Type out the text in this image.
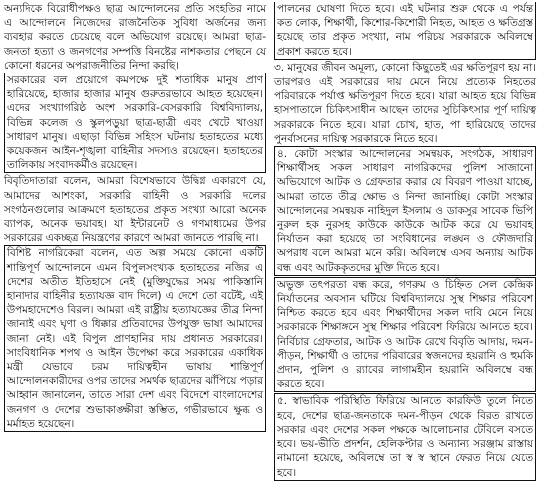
অন্যদিকে বিরোধীপক্ষও ছাত্র আন্দোলনের প্রতি সংহতির নামে এ আন্দোলনে নিজেদের রাজনৈতিক সুবিধা অর্জনের জন্য ব্যবহার করতে চেয়েছে বলে অভিযোগ রয়েছে। আমরা ছাত্র-জনতা হত্যা ও জনগণের সম্পত্তি বিনষ্টের নাশকতার পেছনে যে কোনো ধরনের অপরাজনীতির নিন্দা করছি।

সরকারের বল প্রয়োগে কমপক্ষে দুই শতাধিক মানুষ প্রাণ হারিয়েছে, হাজার হাজার মানুষ গুরুতরভাবে আহত হয়েছেন। এদের সংখ্যাগরিষ্ঠ অংশ সরকারি-বেসরকারি বিশ্ববিদ্যালয়, বিভিন্ন কলেজ ও স্কুলপড়ুয়া ছাত্র-ছাত্রী এবং খেটে খাওয়া সাধারণ মানুষ। এছাড়া বিভিন্ন সহিংস ঘটনায় হতাহতের মধ্যে কয়েকজন আইন-শৃঙ্খলা বাহিনীর সদস্যও রয়েছেন। হতাহতের তালিকায় সংবাদকর্মীও রয়েছেন।

বিবৃতিদাতারা বলেন, আমরা বিশেষভাবে উদ্বিগ্ন একারণে যে, আমাদের আশংকা, সরকারি বাহিনী ও সরকারি দলের সংগঠনগুলোর আক্রমণে হতাহতের প্রকৃত সংখ্যা আরো অনেক ব্যাপক, অনেক ভয়াবহ। যা ইন্টারনেট ও গণমাধ্যমের উপর সরকারের একচ্ছত্র নিয়ন্ত্রণের কারণে আমরা জানতে পারছি না।

বিশিষ্ট নাগরিকেরা বলেন, এত অল্প সময়ে কোনো একটি শান্তিপূর্ণ আন্দোলনে এমন বিপুলসংখ্যক হতাহতের নজির এ দেশের অতীত ইতিহাসে নেই (মুক্তিযুদ্ধের সময় পাকিস্তানি হানাদার বাহিনীর হত্যাযজ্ঞ বাদ দিলে) এ দেশে তো বটেই, এই উপমহাদেশেও বিরল। আমরা এই রাষ্ট্রীয় হত্যাযজ্ঞের তীব্র নিন্দা জানাই এবং ঘৃণা ও ধিক্কার প্রতিবাদের উপযুক্ত ভাষা আমাদের জানা নেই। এই বিপুল প্রাণহানির দায় প্রধানত সরকারের। সাংবিধানিক শপথ ও আইন উপেক্ষা করে সরকারের একাধিক মন্ত্রী যেভাবে চরম দায়িত্বহীন ভাষায় শান্তিপূর্ণ আন্দোলনকারীদের ওপর তাদের সমর্থক ছাত্রদের ঝাঁপিয়ে পড়ার আহ্বান জানালেন, তাতে সারা দেশ এবং বিদেশে বাংলাদেশের জনগণ ও দেশের শুভাকাঙ্ক্ষীরা স্তম্ভিত, গভীরভাবে ক্ষুব্ধ ও মর্মাহত হয়েছেন।

পালনের ঘোষণা দিতে হবে। এই ঘটনার শুরু থেকে এ পর্যন্ত কত লোক, শিক্ষার্থী, কিশোর-কিশোরী নিহত, আহত ও ক্ষতিগ্রস্ত হয়েছে তার প্রকৃত সংখ্যা, নাম পরিচয় সরকারকে অবিলম্বে প্রকাশ করতে হবে।

৩. মানুষের জীবন অমূল্য, কোনো কিছুতেই এর ক্ষতিপূরণ হয় না। তারপরও এই সরকারের দায় মেনে নিয়ে প্রত্যেক নিহতের পরিবারকে পর্যাপ্ত ক্ষতিপূরণ দিতে হবে। যারা আহত হয়ে বিভিন্ন হাসপাতালে চিকিৎসাধীন আছেন তাদের সুচিকিৎসার পূর্ণ দায়িত্ব সরকারকে নিতে হবে। যারা চোখ, হাত, পা হারিয়েছে তাদের পুনর্বাসনের দায়িত্ব সরকারকে নিতে হবে।

৪. কোটা সংস্কার আন্দোলনের সমন্বয়ক, সংগঠক, সাধারণ শিক্ষার্থীসহ সকল সাধারণ নাগরিকদের পুলিশ সাজানো অভিযোগে আটক ও গ্রেফতার করার যে বিবরণ পাওয়া যাচ্ছে, আমরা তাতে তীব্র ক্ষোভ ও নিন্দা জানাচ্ছি। কোটা সংস্কার আন্দোলনের সমন্বয়ক নাহিদুল ইসলাম ও ডাকসুর সাবেক ভিপি নুরুল হক নুরসহ কাউকে কাউকে আটক করে যে ভয়াবহ নির্যাতন করা হয়েছে তা সংবিধানের লঙ্ঘন ও ফৌজদারি অপরাধ বলে আমরা মনে করি। অবিলম্বে এসব অন্যায় আটক বন্ধ এবং আটককৃতদের মুক্তি দিতে হবে।

অভুক্ত তৎপরতা বন্ধ করে, গণরুম ও চিহ্নিত সেল কেন্দ্রিক নির্যাতনের অবসান ঘটিয়ে বিশ্ববিদ্যালয়ে সুস্থ শিক্ষার পরিবেশ নিশ্চিত করতে হবে এবং শিক্ষার্থীদের সকল দাবি মেনে নিয়ে সরকারকে শিক্ষাঙ্গনে সুস্থ শিক্ষার পরিবেশ ফিরিয়ে আনতে হবে। নির্বিচার গ্রেফতার, আটক ও আটক রেখে বিবৃতি আদায়, দমন-পীড়ন, শিক্ষার্থী ও তাদের পরিবারের স্বজনদের হয়রানি ও হুমকি প্রদান, পুলিশ ও র‍্যাবের লাগামহীন হয়রানি অবিলম্বে বন্ধ করতে হবে।

৫. স্বাভাবিক পরিস্থিতি ফিরিয়ে আনতে কারফিউ তুলে নিতে হবে, দেশের ছাত্র-জনতাকে দমন-পীড়ন থেকে বিরত রাখতে সরকার এবং দেশের সকল পক্ষকে আলোচনার টেবিলে বসতে হবে। ভয়-ভীতি প্রদর্শন, হেলিকপ্টার ও অন্যান্য সরঞ্জাম রাস্তায় নামানো হয়েছে, অবিলম্বে তা স্ব স্ব স্থানে ফেরত নিয়ে যেতে হবে।
